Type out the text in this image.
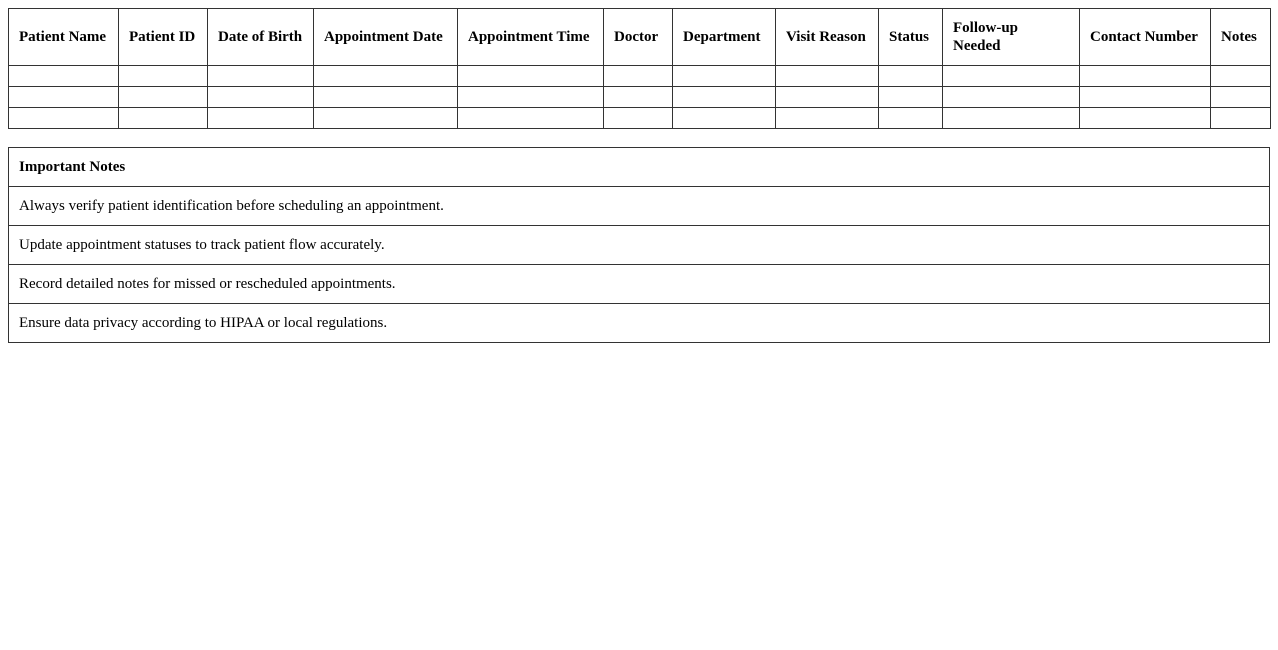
Patient Name	Patient ID	Date of Birth	Appointment Date	Appointment Time	Doctor	Department	Visit Reason	Status	Follow-up Needed	Contact Number	Notes

Important Notes
Always verify patient identification before scheduling an appointment.
Update appointment statuses to track patient flow accurately.
Record detailed notes for missed or rescheduled appointments.
Ensure data privacy according to HIPAA or local regulations.
